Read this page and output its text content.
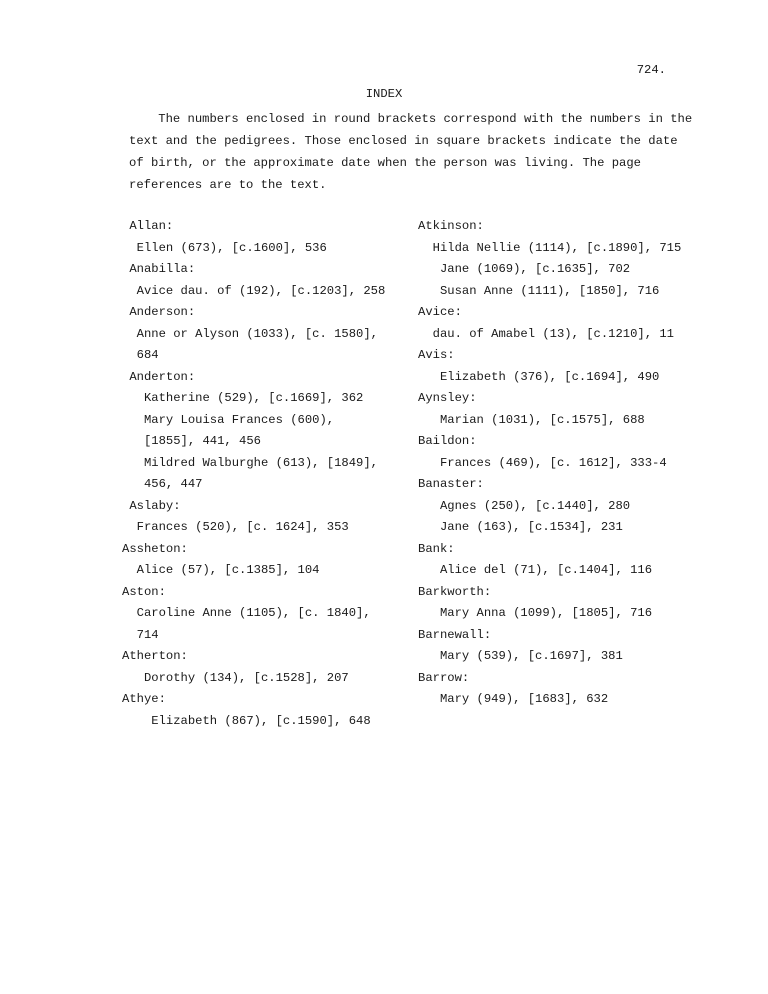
724.
INDEX

The numbers enclosed in round brackets correspond with the numbers in the

text and the pedigrees. Those enclosed in square brackets indicate the date

of birth, or the approximate date when the person was living. The page

references are to the text.

Allan:
Ellen (673), [c.1600], 536
Anabilla:
Avice dau. of (192), [c.1203], 258
Anderson:
Anne or Alyson (1033), [c. 1580],
684
Anderton:
Katherine (529), [c.1669], 362
Mary Louisa Frances (600),
[1855], 441, 456
Mildred Walburghe (613), [1849],
456, 447
Aslaby:
Frances (520), [c. 1624], 353
Assheton:
Alice (57), [c.1385], 104
Aston:
Caroline Anne (1105), [c. 1840],
714
Atherton:
Dorothy (134), [c.1528], 207
Athye:
Elizabeth (867), [c.1590], 648
Atkinson:
Hilda Nellie (1114), [c.1890], 715
Jane (1069), [c.1635], 702
Susan Anne (1111), [1850], 716
Avice:
dau. of Amabel (13), [c.1210], 11
Avis:
Elizabeth (376), [c.1694], 490
Aynsley:
Marian (1031), [c.1575], 688
Baildon:
Frances (469), [c. 1612], 333-4
Banaster:
Agnes (250), [c.1440], 280
Jane (163), [c.1534], 231
Bank:
Alice del (71), [c.1404], 116
Barkworth:
Mary Anna (1099), [1805], 716
Barnewall:
Mary (539), [c.1697], 381
Barrow:
Mary (949), [1683], 632
